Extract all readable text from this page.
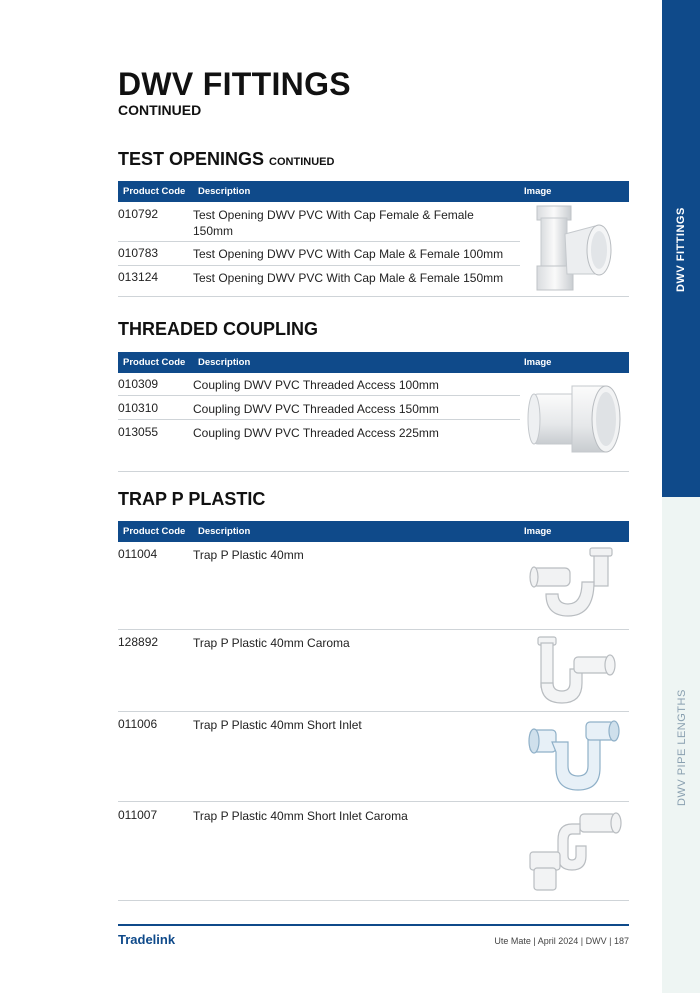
DWV FITTINGS
DWV PIPE LENGTHS
DWV FITTINGS
CONTINUED
TEST OPENINGS CONTINUED
Product Code Description	Image
010792	Test Opening DWV PVC With Cap Female & Female 150mm
010783	Test Opening DWV PVC With Cap Male & Female 100mm
013124	Test Opening DWV PVC With Cap Male & Female 150mm
THREADED COUPLING
Product Code Description	Image
010309	Coupling DWV PVC Threaded Access 100mm
010310	Coupling DWV PVC Threaded Access 150mm
013055	Coupling DWV PVC Threaded Access 225mm
TRAP P PLASTIC
Product Code Description	Image
011004	Trap P Plastic 40mm
128892	Trap P Plastic 40mm Caroma
011006	Trap P Plastic 40mm Short Inlet
011007	Trap P Plastic 40mm Short Inlet Caroma
Tradelink	Ute Mate | April 2024 | DWV | 187
